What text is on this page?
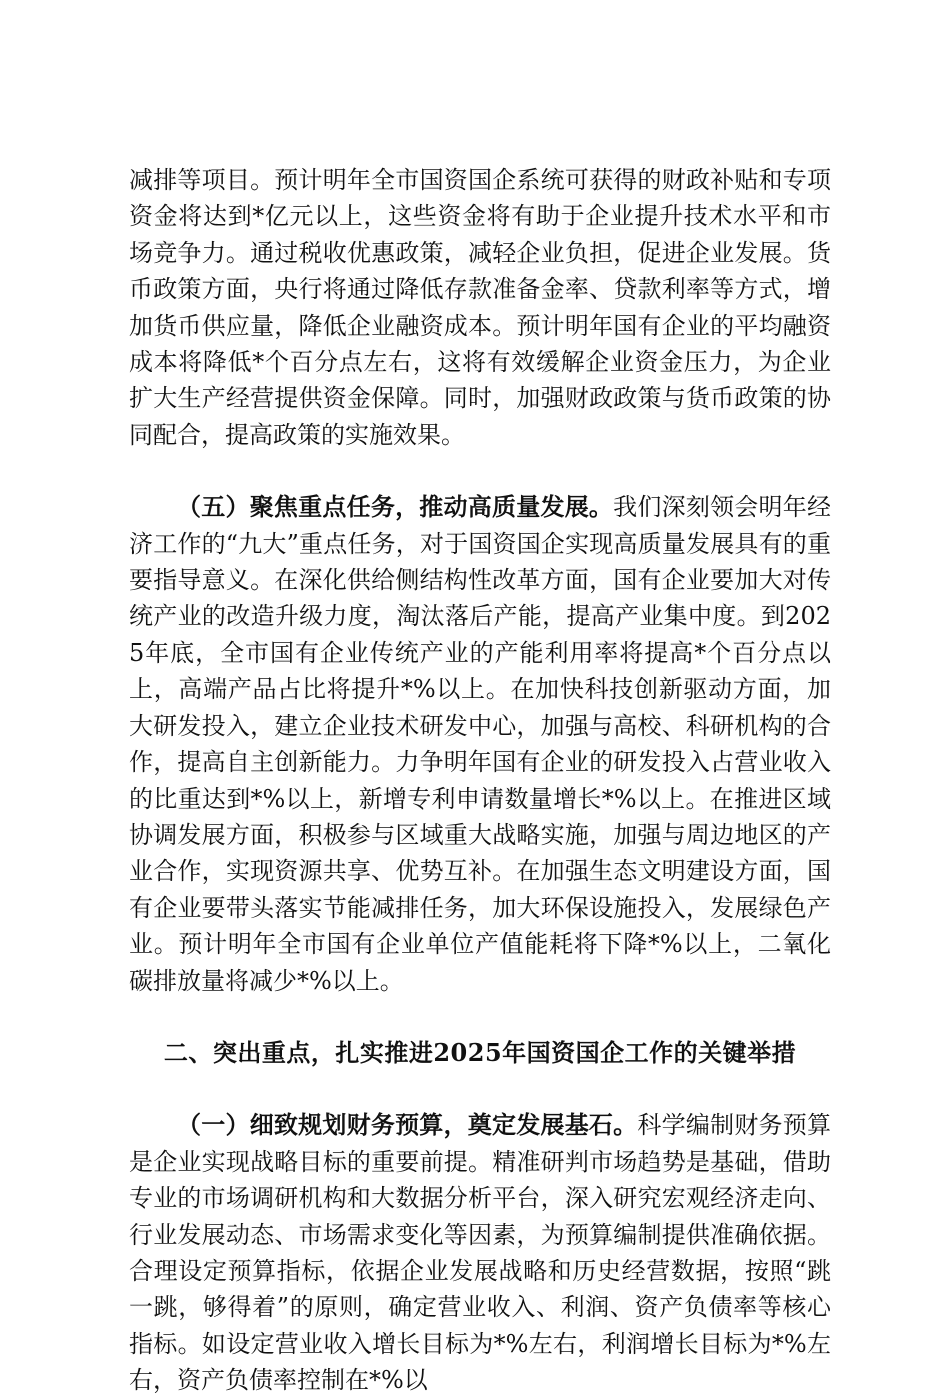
减排等项目。预计明年全市国资国企系统可获得的财政补贴和专项资金将达到*亿元以上，这些资金将有助于企业提升技术水平和市场竞争力。通过税收优惠政策，减轻企业负担，促进企业发展。货币政策方面，央行将通过降低存款准备金率、贷款利率等方式，增加货币供应量，降低企业融资成本。预计明年国有企业的平均融资成本将降低*个百分点左右，这将有效缓解企业资金压力，为企业扩大生产经营提供资金保障。同时，加强财政政策与货币政策的协同配合，提高政策的实施效果。

（五）聚焦重点任务，推动高质量发展。我们深刻领会明年经济工作的“九大”重点任务，对于国资国企实现高质量发展具有的重要指导意义。在深化供给侧结构性改革方面，国有企业要加大对传统产业的改造升级力度，淘汰落后产能，提高产业集中度。到2025年底，全市国有企业传统产业的产能利用率将提高*个百分点以上，高端产品占比将提升*%以上。在加快科技创新驱动方面，加大研发投入，建立企业技术研发中心，加强与高校、科研机构的合作，提高自主创新能力。力争明年国有企业的研发投入占营业收入的比重达到*%以上，新增专利申请数量增长*%以上。在推进区域协调发展方面，积极参与区域重大战略实施，加强与周边地区的产业合作，实现资源共享、优势互补。在加强生态文明建设方面，国有企业要带头落实节能减排任务，加大环保设施投入，发展绿色产业。预计明年全市国有企业单位产值能耗将下降*%以上，二氧化碳排放量将减少*%以上。

二、突出重点，扎实推进2025年国资国企工作的关键举措

（一）细致规划财务预算，奠定发展基石。科学编制财务预算是企业实现战略目标的重要前提。精准研判市场趋势是基础，借助专业的市场调研机构和大数据分析平台，深入研究宏观经济走向、行业发展动态、市场需求变化等因素，为预算编制提供准确依据。合理设定预算指标，依据企业发展战略和历史经营数据，按照“跳一跳，够得着”的原则，确定营业收入、利润、资产负债率等核心指标。如设定营业收入增长目标为*%左右，利润增长目标为*%左右，资产负债率控制在*%以
